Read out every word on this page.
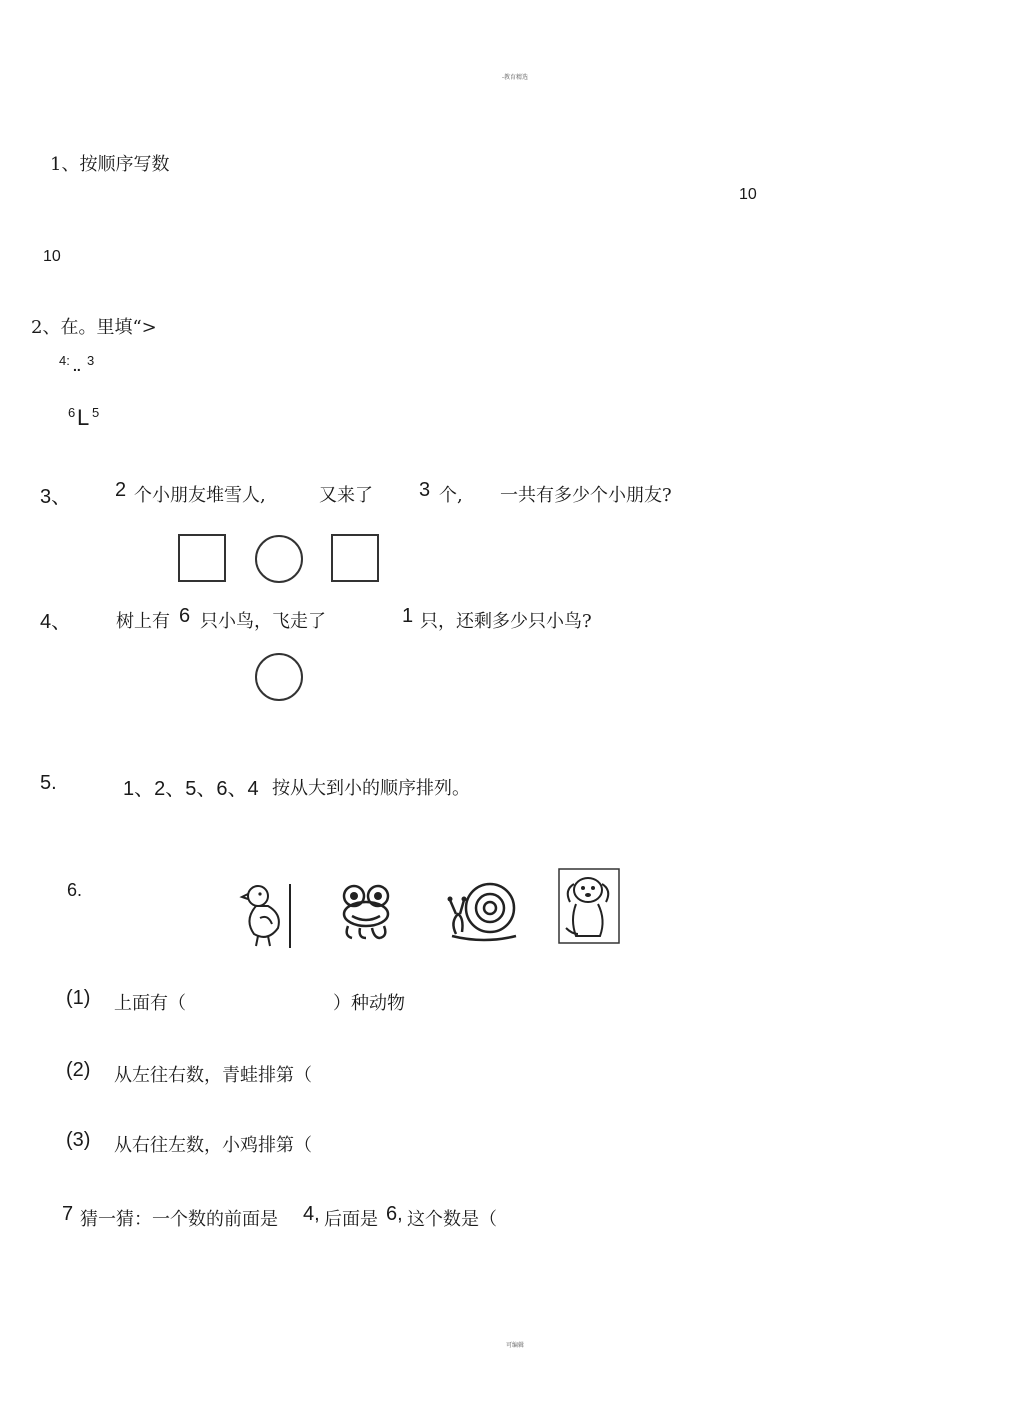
-教育精选
可编辑
1、按顺序写数
10
10
2、在。里填“>
4: 3
..
6 L 5
3、 2 个小朋友堆雪人,	又来了 3 个, 一共有多少个小朋友?
4、 树上有 6 只小鸟，飞走了	1 只，还剩多少只小鸟?
5.	1、2、5、6、4 按从大到小的顺序排列。
6.
(1) 上面有（	）种动物
(2) 从左往右数，青蛙排第（
(3) 从右往左数，小鸡排第（
7 猜一猜：一个数的前面是 4, 后面是 6, 这个数是（
